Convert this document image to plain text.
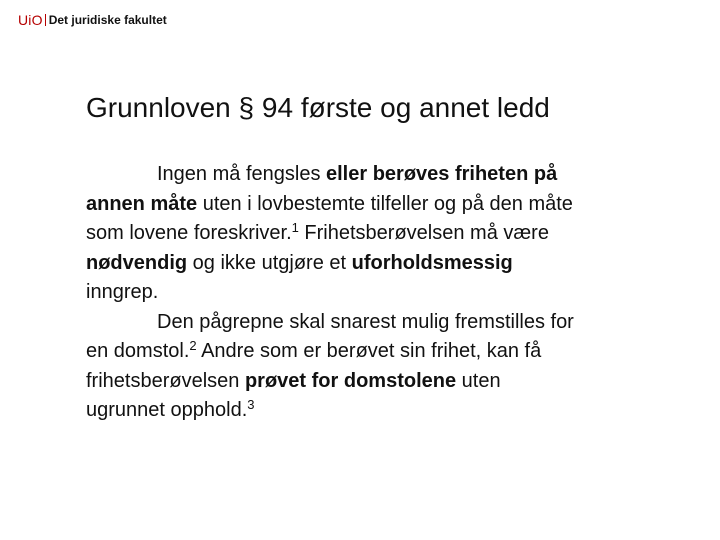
UiO Det juridiske fakultet
Grunnloven § 94 første og annet ledd
Ingen må fengsles eller berøves friheten på
annen måte uten i lovbestemte tilfeller og på den måte
som lovene foreskriver.$^1$ Frihetsberøvelsen må være
nødvendig og ikke utgjøre et uforholdsmessig
inngrep.
Den pågrepne skal snarest mulig fremstilles for
en domstol.$^2$ Andre som er berøvet sin frihet, kan få
frihetsberøvelsen prøvet for domstolene uten
ugrunnet opphold.$^3$
